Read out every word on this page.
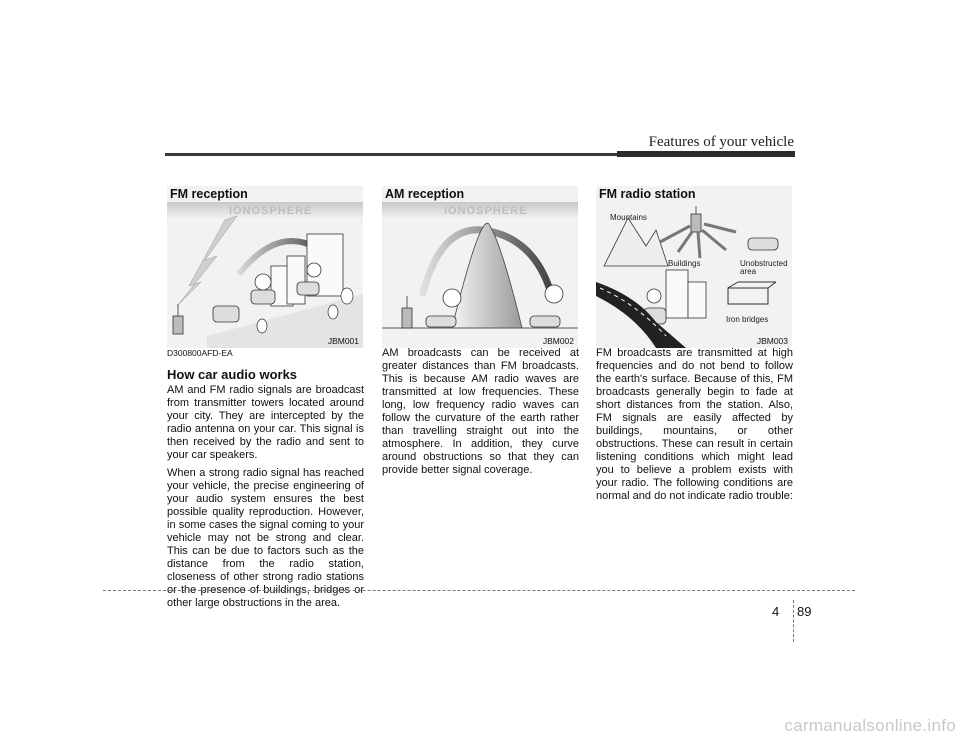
Features of your vehicle
IONOSPHERE
FM reception
JBM001
IONOSPHERE
AM reception
JBM002
Mountains
Buildings	Unobstructed
area
Iron bridges
FM radio station
JBM003

D300800AFD-EA

How car audio works

AM and FM radio signals are broadcast from transmitter towers located around your city. They are intercepted by the radio antenna on your car. This signal is then received by the radio and sent to your car speakers.

When a strong radio signal has reached your vehicle, the precise engineering of your audio system ensures the best possible quality reproduction. However, in some cases the signal coming to your vehicle may not be strong and clear. This can be due to factors such as the distance from the radio station, closeness of other strong radio stations or the presence of buildings, bridges or other large obstructions in the area.

AM broadcasts can be received at greater distances than FM broadcasts. This is because AM radio waves are transmitted at low frequencies. These long, low frequency radio waves can follow the curvature of the earth rather than travelling straight out into the atmosphere. In addition, they curve around obstructions so that they can provide better signal coverage.

FM broadcasts are transmitted at high frequencies and do not bend to follow the earth's surface. Because of this, FM broadcasts generally begin to fade at short distances from the station. Also, FM signals are easily affected by buildings, mountains, or other obstructions. These can result in certain listening conditions which might lead you to believe a problem exists with your radio. The following conditions are normal and do not indicate radio trouble:

4 89
carmanualsonline.info
